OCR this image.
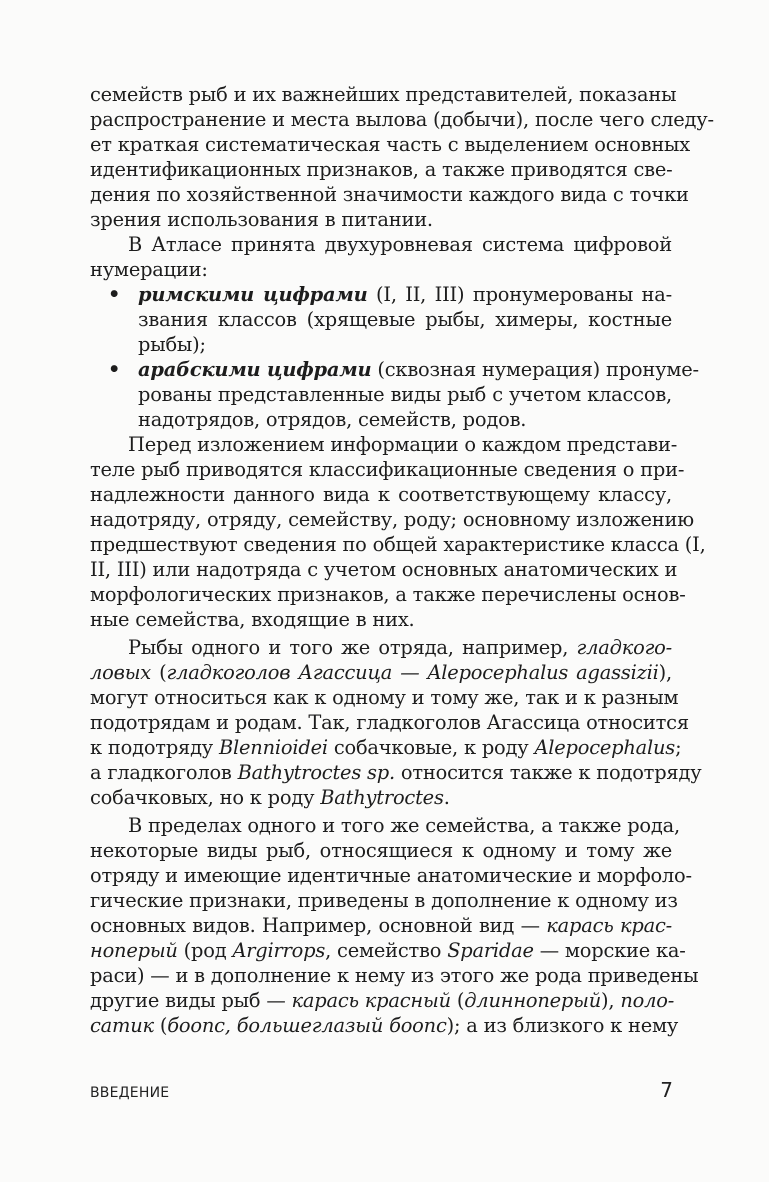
семейств рыб и их важнейших представителей, показаны
распространение и места вылова (добычи), после чего следу-
ет краткая систематическая часть с выделением основных
идентификационных признаков, а также приводятся све-
дения по хозяйственной значимости каждого вида с точки
зрения использования в питании.
В Атласе принята двухуровневая система цифровой
нумерации:
• римскими цифрами (I, II, III) пронумерованы на-
звания классов (хрящевые рыбы, химеры, костные
рыбы);
• арабскими цифрами (сквозная нумерация) пронуме-
рованы представленные виды рыб с учетом классов,
надотрядов, отрядов, семейств, родов.
Перед изложением информации о каждом представи-
теле рыб приводятся классификационные сведения о при-
надлежности данного вида к соответствующему классу,
надотряду, отряду, семейству, роду; основному изложению
предшествуют сведения по общей характеристике класса (I,
II, III) или надотряда с учетом основных анатомических и
морфологических признаков, а также перечислены основ-
ные семейства, входящие в них.
Рыбы одного и того же отряда, например, гладкого-
ловых (гладкоголов Агассица — Alepocephalus agassizii),
могут относиться как к одному и тому же, так и к разным
подотрядам и родам. Так, гладкоголов Агассица относится
к подотряду Blennioidei собачковые, к роду Alepocephalus;
а гладкоголов Bathytroctes sp. относится также к подотряду
собачковых, но к роду Bathytroctes.
В пределах одного и того же семейства, а также рода,
некоторые виды рыб, относящиеся к одному и тому же
отряду и имеющие идентичные анатомические и морфоло-
гические признаки, приведены в дополнение к одному из
основных видов. Например, основной вид — карась крас-
ноперый (род Argirrops, семейство Sparidae — морские ка-
раси) — и в дополнение к нему из этого же рода приведены
другие виды рыб — карась красный (длинноперый), поло-
сатик (боопс, большеглазый боопс); а из близкого к нему
ВВЕДЕНИЕ	7
